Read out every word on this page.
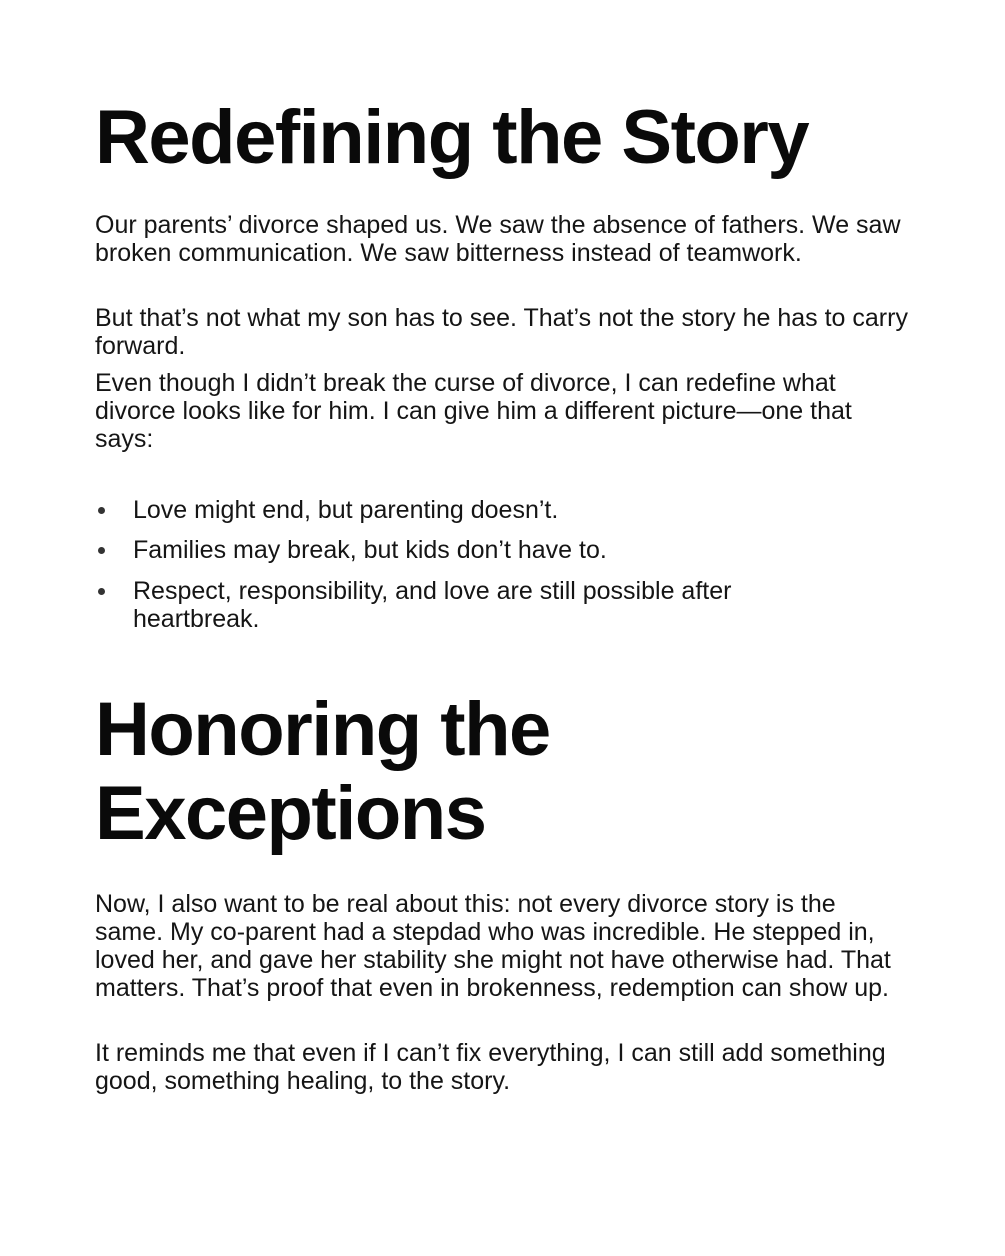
Redefining the Story

Our parents’ divorce shaped us. We saw the absence of fathers. We saw broken communication. We saw bitterness instead of teamwork.

But that’s not what my son has to see. That’s not the story he has to carry forward.

Even though I didn’t break the curse of divorce, I can redefine what divorce looks like for him. I can give him a different picture—one that says:

Love might end, but parenting doesn’t.
Families may break, but kids don’t have to.
Respect, responsibility, and love are still possible after heartbreak.
Honoring the Exceptions

Now, I also want to be real about this: not every divorce story is the same. My co-parent had a stepdad who was incredible. He stepped in, loved her, and gave her stability she might not have otherwise had. That matters. That’s proof that even in brokenness, redemption can show up.

It reminds me that even if I can’t fix everything, I can still add something good, something healing, to the story.
